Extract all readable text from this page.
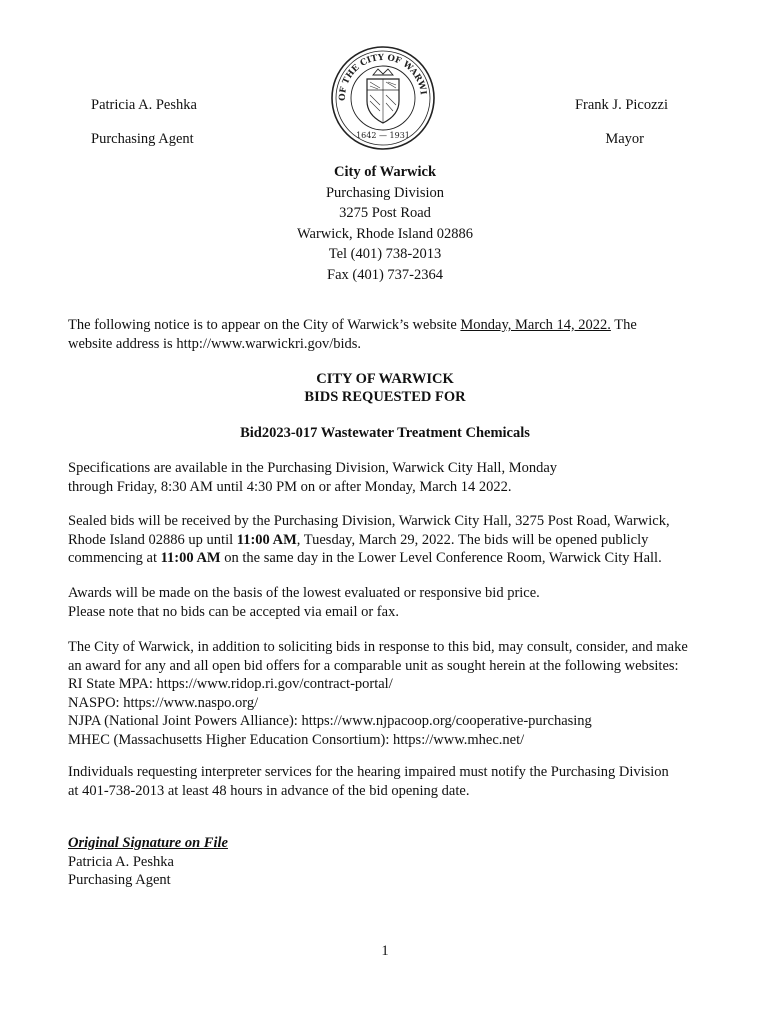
Patricia A. Peshka
Purchasing Agent
Frank J. Picozzi
Mayor
OF THE CITY OF WARWI
1642 — 1931
City of Warwick
Purchasing Division
3275 Post Road
Warwick, Rhode Island 02886
Tel (401) 738-2013
Fax (401) 737-2364
The following notice is to appear on the City of Warwick’s website Monday, March 14, 2022. The
website address is http://www.warwickri.gov/bids.
CITY OF WARWICK
BIDS REQUESTED FOR
Bid2023-017 Wastewater Treatment Chemicals
Specifications are available in the Purchasing Division, Warwick City Hall, Monday
through Friday, 8:30 AM until 4:30 PM on or after Monday, March 14 2022.
Sealed bids will be received by the Purchasing Division, Warwick City Hall, 3275 Post Road, Warwick,
Rhode Island 02886 up until 11:00 AM, Tuesday, March 29, 2022. The bids will be opened publicly
commencing at 11:00 AM on the same day in the Lower Level Conference Room, Warwick City Hall.
Awards will be made on the basis of the lowest evaluated or responsive bid price.
Please note that no bids can be accepted via email or fax.
The City of Warwick, in addition to soliciting bids in response to this bid, may consult, consider, and make
an award for any and all open bid offers for a comparable unit as sought herein at the following websites:
RI State MPA: https://www.ridop.ri.gov/contract-portal/
NASPO: https://www.naspo.org/
NJPA (National Joint Powers Alliance): https://www.njpacoop.org/cooperative-purchasing
MHEC (Massachusetts Higher Education Consortium): https://www.mhec.net/
Individuals requesting interpreter services for the hearing impaired must notify the Purchasing Division
at 401-738-2013 at least 48 hours in advance of the bid opening date.
Original Signature on File
Patricia A. Peshka
Purchasing Agent
1
